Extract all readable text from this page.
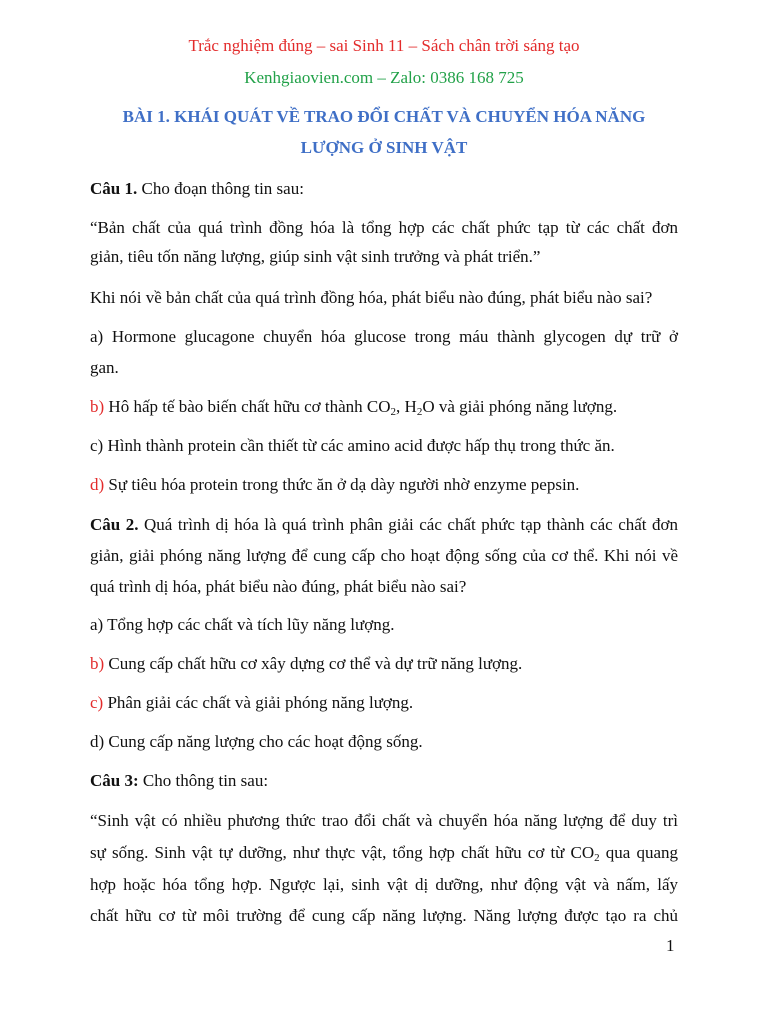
Trắc nghiệm đúng – sai Sinh 11 – Sách chân trời sáng tạo
Kenhgiaovien.com – Zalo: 0386 168 725
BÀI 1. KHÁI QUÁT VỀ TRAO ĐỔI CHẤT VÀ CHUYỂN HÓA NĂNG
LƯỢNG Ở SINH VẬT
Câu 1. Cho đoạn thông tin sau:
“Bản chất của quá trình đồng hóa là tổng hợp các chất phức tạp từ các chất đơn
giản, tiêu tốn năng lượng, giúp sinh vật sinh trưởng và phát triển.”
Khi nói về bản chất của quá trình đồng hóa, phát biểu nào đúng, phát biểu nào sai?
a) Hormone glucagone chuyển hóa glucose trong máu thành glycogen dự trữ ở
gan.
b) Hô hấp tế bào biến chất hữu cơ thành $CO_2$, $H_2O$ và giải phóng năng lượng.
c) Hình thành protein cần thiết từ các amino acid được hấp thụ trong thức ăn.
d) Sự tiêu hóa protein trong thức ăn ở dạ dày người nhờ enzyme pepsin.
Câu 2. Quá trình dị hóa là quá trình phân giải các chất phức tạp thành các chất đơn
giản, giải phóng năng lượng để cung cấp cho hoạt động sống của cơ thể. Khi nói về
quá trình dị hóa, phát biểu nào đúng, phát biểu nào sai?
a) Tổng hợp các chất và tích lũy năng lượng.
b) Cung cấp chất hữu cơ xây dựng cơ thể và dự trữ năng lượng.
c) Phân giải các chất và giải phóng năng lượng.
d) Cung cấp năng lượng cho các hoạt động sống.
Câu 3: Cho thông tin sau:
“Sinh vật có nhiều phương thức trao đổi chất và chuyển hóa năng lượng để duy trì
sự sống. Sinh vật tự dưỡng, như thực vật, tổng hợp chất hữu cơ từ $CO_2$ qua quang
hợp hoặc hóa tổng hợp. Ngược lại, sinh vật dị dưỡng, như động vật và nấm, lấy
chất hữu cơ từ môi trường để cung cấp năng lượng. Năng lượng được tạo ra chủ
1
